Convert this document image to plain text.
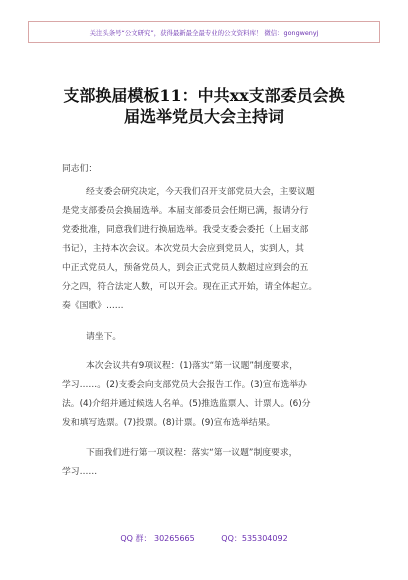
关注头条号“公文研究”，获得最新最全最专业的公文资料库！ 微信：gongwenyj
支部换届模板11：中共xx支部委员会换
届选举党员大会主持词

同志们：

经支委会研究决定，今天我们召开支部党员大会，主要议题

是党支部委员会换届选举。本届支部委员会任期已满，报请分行

党委批准，同意我们进行换届选举。我受支委会委托（上届支部

书记），主持本次会议。本次党员大会应到党员人，实到人，其

中正式党员人，预备党员人，到会正式党员人数超过应到会的五

分之四，符合法定人数，可以开会。现在正式开始，请全体起立。

奏《国歌》……

请坐下。

本次会议共有9项议程：(1)落实“第一议题”制度要求，

学习……。(2)支委会向支部党员大会报告工作。(3)宣布选举办

法。(4)介绍并通过候选人名单。(5)推选监票人、计票人。(6)分

发和填写选票。(7)投票。(8)计票。(9)宣布选举结果。

下面我们进行第一项议程：落实“第一议题”制度要求，

学习……

QQ 群： 30265665	QQ：535304092
